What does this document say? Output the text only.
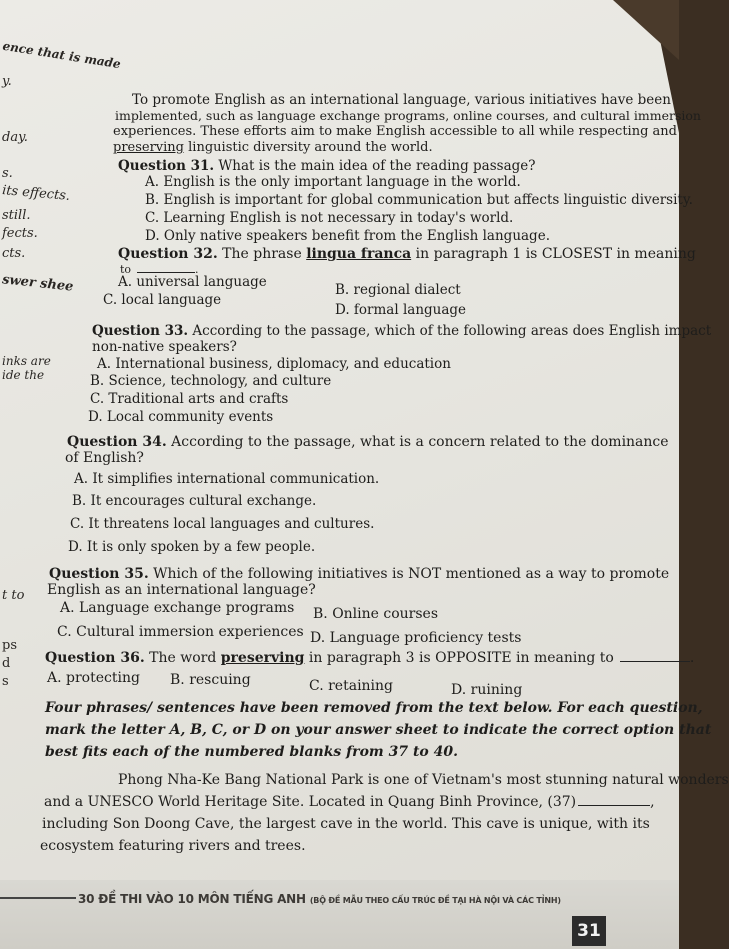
ence that is made
y.
day.
s.
its effects.
still.
fects.
cts.
swer shee
inks are
ide the
t to
ps
d
s
To promote English as an international language, various initiatives have been
implemented, such as language exchange programs, online courses, and cultural immersion
experiences. These efforts aim to make English accessible to all while respecting and
preserving linguistic diversity around the world.
Question 31. What is the main idea of the reading passage?
A. English is the only important language in the world.
B. English is important for global communication but affects linguistic diversity.
C. Learning English is not necessary in today's world.
D. Only native speakers benefit from the English language.
Question 32. The phrase lingua franca in paragraph 1 is CLOSEST in meaning
to	.
A. universal language	B. regional dialect
C. local language
D. formal language
Question 33. According to the passage, which of the following areas does English impact
non-native speakers?
A. International business, diplomacy, and education
B. Science, technology, and culture
C. Traditional arts and crafts
D. Local community events
Question 34. According to the passage, what is a concern related to the dominance
of English?
A. It simplifies international communication.
B. It encourages cultural exchange.
C. It threatens local languages and cultures.
D. It is only spoken by a few people.
Question 35. Which of the following initiatives is NOT mentioned as a way to promote
English as an international language?
A. Language exchange programs B. Online courses
C. Cultural immersion experiences D. Language proficiency tests
Question 36. The word preserving in paragraph 3 is OPPOSITE in meaning to	.
A. protecting B. rescuing	C. retaining	D. ruining
Four phrases/ sentences have been removed from the text below. For each question,
mark the letter A, B, C, or D on your answer sheet to indicate the correct option that
best fits each of the numbered blanks from 37 to 40.
Phong Nha-Ke Bang National Park is one of Vietnam's most stunning natural wonders
and a UNESCO World Heritage Site. Located in Quang Binh Province, (37)	,
including Son Doong Cave, the largest cave in the world. This cave is unique, with its
ecosystem featuring rivers and trees.
30 ĐỀ THI VÀO 10 MÔN TIẾNG ANH (BỘ ĐỀ MẪU THEO CẤU TRÚC ĐỀ TẠI HÀ NỘI VÀ CÁC TỈNH)
31
